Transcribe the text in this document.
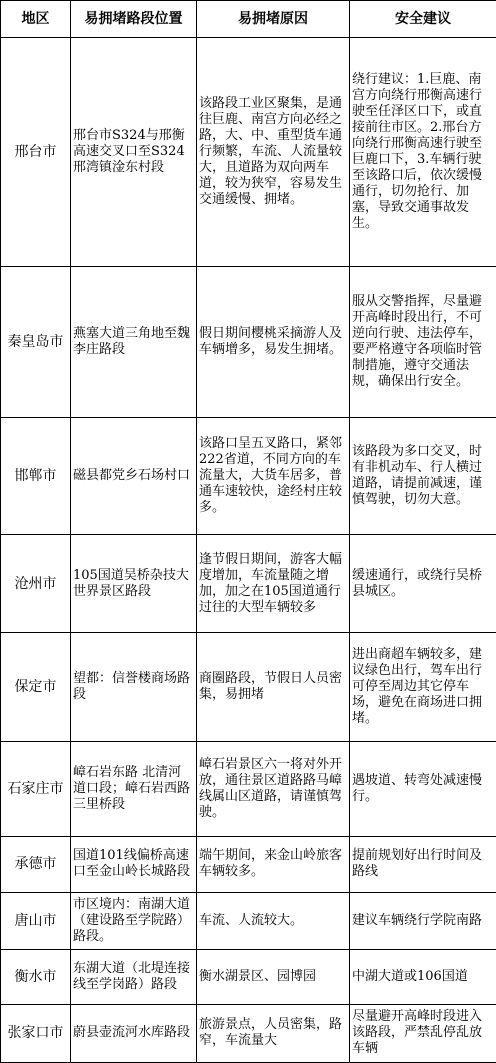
地区	易拥堵路段位置	易拥堵原因	安全建议
邢台市	邢台市S324与邢衡高速交叉口至S324邢湾镇淦东村段	该路段工业区聚集，是通往巨鹿、南宫方向必经之路，大、中、重型货车通行频繁，车流、人流量较大，且道路为双向两车道，较为狭窄，容易发生交通缓慢、拥堵。	绕行建议：1.巨鹿、南宫方向绕行邢衡高速行驶至任泽区口下，或直接前往市区。2.邢台方向绕行邢衡高速行驶至巨鹿口下，3.车辆行驶至该路口后，依次缓慢通行，切勿抢行、加塞，导致交通事故发生。
秦皇岛市	燕塞大道三角地至魏李庄路段	假日期间樱桃采摘游人及车辆增多，易发生拥堵。	服从交警指挥，尽量避开高峰时段出行，不可逆向行驶、违法停车，要严格遵守各项临时管制措施，遵守交通法规，确保出行安全。
邯郸市	磁县都党乡石场村口	该路口呈五叉路口，紧邻222省道，不同方向的车流量大，大货车居多，普通车速较快，途经村庄较多。	该路段为多口交叉，时有非机动车、行人横过道路，请提前减速，谨慎驾驶，切勿大意。
沧州市	105国道吴桥杂技大世界景区路段	逢节假日期间，游客大幅度增加，车流量随之增加，加之在105国道通行过往的大型车辆较多	缓速通行，或绕行吴桥县城区。
保定市	望都：信誉楼商场路段	商圈路段，节假日人员密集，易拥堵	进出商超车辆较多，建议绿色出行，驾车出行可停至周边其它停车场，避免在商场进口拥堵。
石家庄市	嶂石岩东路 北清河道口段；嶂石岩西路 三里桥段	嶂石岩景区六一将对外开放，通往景区道路路马嶂线属山区道路，请谨慎驾驶。	遇坡道、转弯处减速慢行。
承德市	国道101线偏桥高速口至金山岭长城路段	端午期间，来金山岭旅客车辆较多。	提前规划好出行时间及路线
唐山市	市区境内：南湖大道（建设路至学院路）路段。	车流、人流较大。	建议车辆绕行学院南路
衡水市	东湖大道（北堤连接线至学岗路）路段	衡水湖景区、园博园	中湖大道或106国道
张家口市	蔚县壶流河水库路段	旅游景点，人员密集，路窄，车流量大	尽量避开高峰时段进入该路段，严禁乱停乱放车辆
